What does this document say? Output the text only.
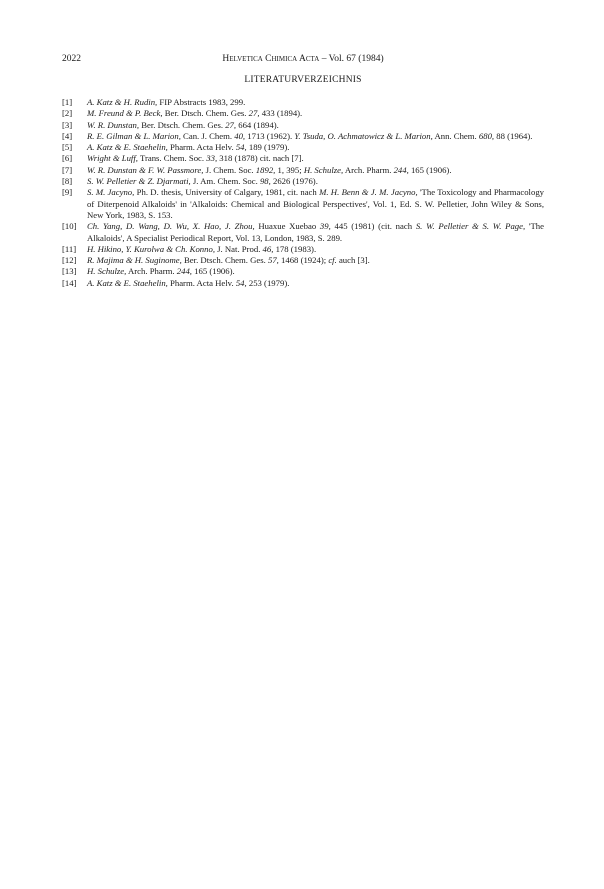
2022	Helvetica Chimica Acta – Vol. 67 (1984)
LITERATURVERZEICHNIS
[1] A. Katz & H. Rudin, FIP Abstracts 1983, 299.
[2] M. Freund & P. Beck, Ber. Dtsch. Chem. Ges. 27, 433 (1894).
[3] W. R. Dunstan, Ber. Dtsch. Chem. Ges. 27, 664 (1894).
[4] R. E. Gilman & L. Marion, Can. J. Chem. 40, 1713 (1962). Y. Tsuda, O. Achmatowicz & L. Marion, Ann. Chem. 680, 88 (1964).
[5] A. Katz & E. Staehelin, Pharm. Acta Helv. 54, 189 (1979).
[6] Wright & Luff, Trans. Chem. Soc. 33, 318 (1878) cit. nach [7].
[7] W. R. Dunstan & F. W. Passmore, J. Chem. Soc. 1892, 1, 395; H. Schulze, Arch. Pharm. 244, 165 (1906).
[8] S. W. Pelletier & Z. Djarmati, J. Am. Chem. Soc. 98, 2626 (1976).
[9] S. M. Jacyno, Ph. D. thesis, University of Calgary, 1981, cit. nach M. H. Benn & J. M. Jacyno, 'The Toxicology and Pharmacology of Diterpenoid Alkaloids' in 'Alkaloids: Chemical and Biological Perspectives', Vol. 1, Ed. S. W. Pelletier, John Wiley & Sons, New York, 1983, S. 153.
[10] Ch. Yang, D. Wang, D. Wu, X. Hao, J. Zhou, Huaxue Xuebao 39, 445 (1981) (cit. nach S. W. Pelletier & S. W. Page, 'The Alkaloids', A Specialist Periodical Report, Vol. 13, London, 1983, S. 289.
[11] H. Hikino, Y. Kurolwa & Ch. Konno, J. Nat. Prod. 46, 178 (1983).
[12] R. Majima & H. Suginome, Ber. Dtsch. Chem. Ges. 57, 1468 (1924); cf. auch [3].
[13] H. Schulze, Arch. Pharm. 244, 165 (1906).
[14] A. Katz & E. Staehelin, Pharm. Acta Helv. 54, 253 (1979).
